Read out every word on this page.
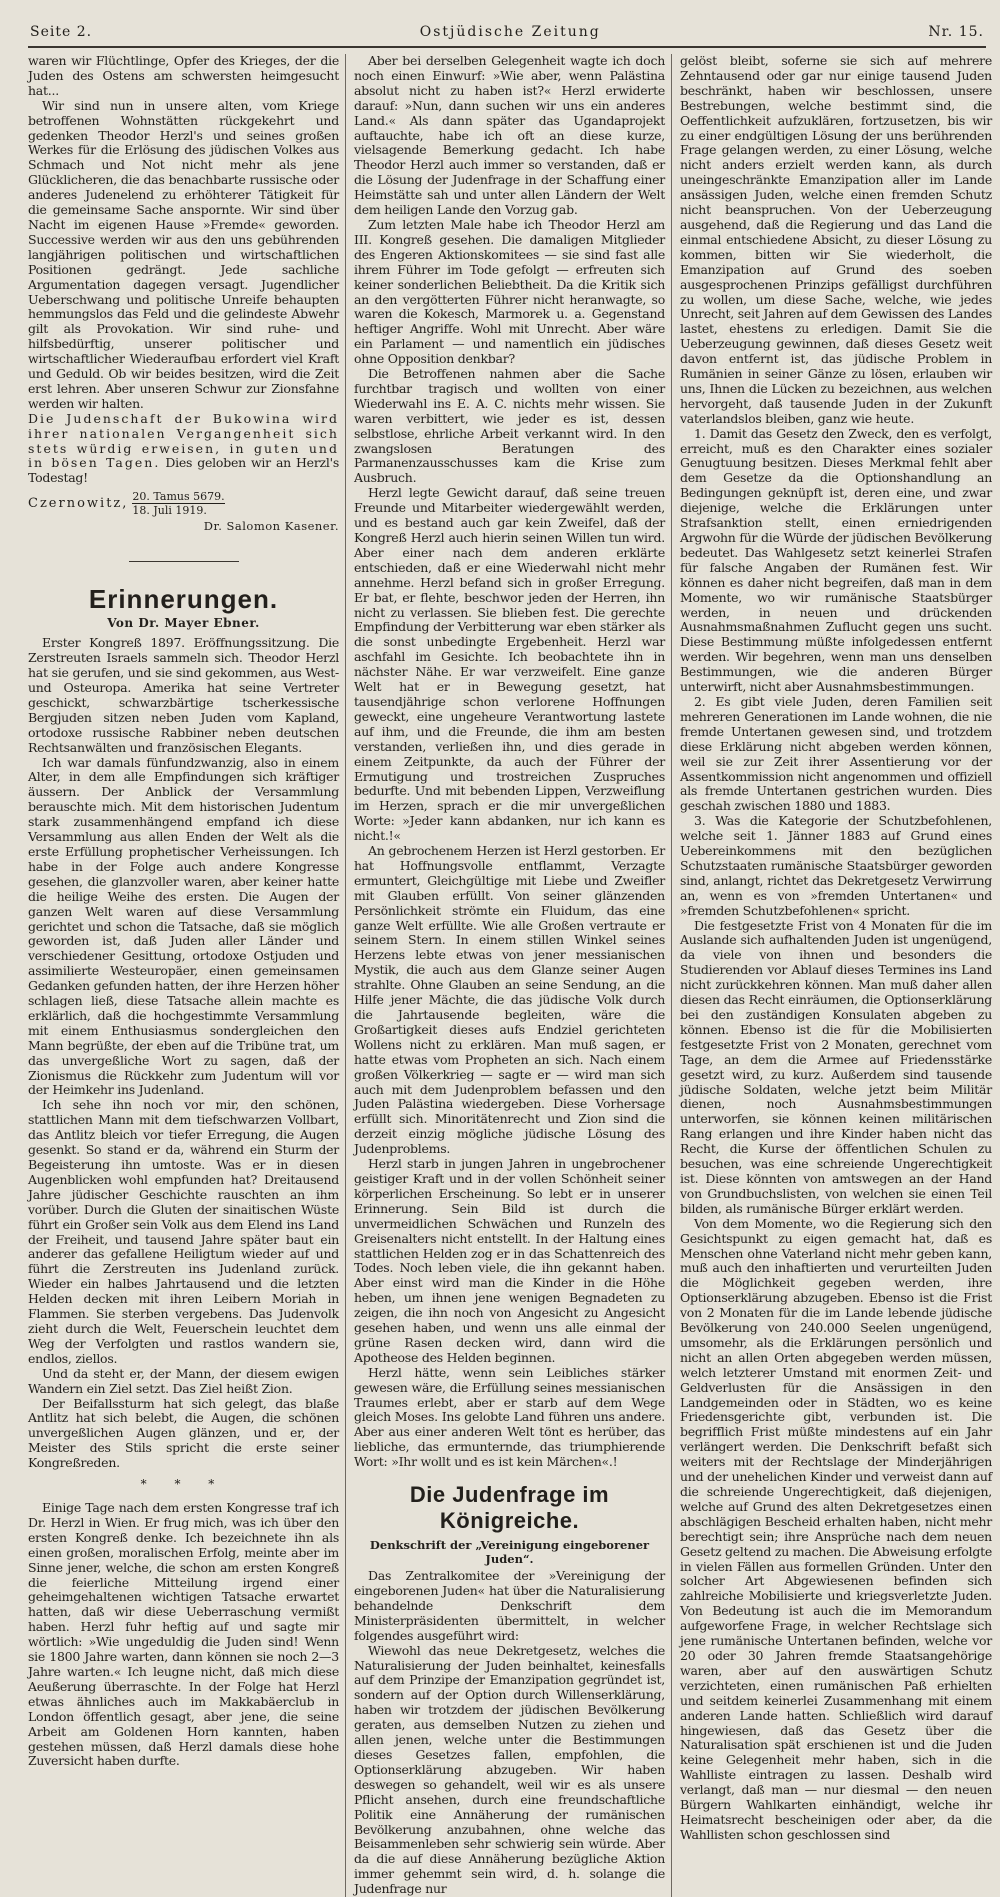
Seite 2.	Ostjüdische Zeitung	Nr. 15.

waren wir Flüchtlinge, Opfer des Krieges, der die Juden des Ostens am schwersten heimgesucht hat...

Wir sind nun in unsere alten, vom Kriege betroffenen Wohnstätten rückgekehrt und gedenken Theodor Herzl's und seines großen Werkes für die Erlösung des jüdischen Volkes aus Schmach und Not nicht mehr als jene Glücklicheren, die das benachbarte russische oder anderes Judenelend zu erhöhterer Tätigkeit für die gemeinsame Sache anspornte. Wir sind über Nacht im eigenen Hause »Fremde« geworden. Successive werden wir aus den uns gebührenden langjährigen politischen und wirtschaftlichen Positionen gedrängt. Jede sachliche Argumentation dagegen versagt. Jugendlicher Ueberschwang und politische Unreife behaupten hemmungslos das Feld und die gelindeste Abwehr gilt als Provokation. Wir sind ruhe- und hilfsbedürftig, unserer politischer und wirtschaftlicher Wiederaufbau erfordert viel Kraft und Geduld. Ob wir beides besitzen, wird die Zeit erst lehren. Aber unseren Schwur zur Zionsfahne werden wir halten.

Die Judenschaft der Bukowina wird ihrer nationalen Vergangenheit sich stets würdig erweisen, in guten und in bösen Tagen. Dies geloben wir an Herzl's Todestag!

Czernowitz, $\frac{\text{20. Tamus 5679.}}{\text{18. Juli 1919.}}$
Dr. Salomon Kasener.
Erinnerungen.
Von Dr. Mayer Ebner.

Erster Kongreß 1897. Eröffnungssitzung. Die Zerstreuten Israels sammeln sich. Theodor Herzl hat sie gerufen, und sie sind gekommen, aus West- und Osteuropa. Amerika hat seine Vertreter geschickt, schwarzbärtige tscherkessische Bergjuden sitzen neben Juden vom Kapland, ortodoxe russische Rabbiner neben deutschen Rechtsanwälten und französischen Elegants.

Ich war damals fünfundzwanzig, also in einem Alter, in dem alle Empfindungen sich kräftiger äussern. Der Anblick der Versammlung berauschte mich. Mit dem historischen Judentum stark zusammenhängend empfand ich diese Versammlung aus allen Enden der Welt als die erste Erfüllung prophetischer Verheissungen. Ich habe in der Folge auch andere Kongresse gesehen, die glanzvoller waren, aber keiner hatte die heilige Weihe des ersten. Die Augen der ganzen Welt waren auf diese Versammlung gerichtet und schon die Tatsache, daß sie möglich geworden ist, daß Juden aller Länder und verschiedener Gesittung, ortodoxe Ostjuden und assimilierte Westeuropäer, einen gemeinsamen Gedanken gefunden hatten, der ihre Herzen höher schlagen ließ, diese Tatsache allein machte es erklärlich, daß die hochgestimmte Versammlung mit einem Enthusiasmus sondergleichen den Mann begrüßte, der eben auf die Tribüne trat, um das unvergeßliche Wort zu sagen, daß der Zionismus die Rückkehr zum Judentum will vor der Heimkehr ins Judenland.

Ich sehe ihn noch vor mir, den schönen, stattlichen Mann mit dem tiefschwarzen Vollbart, das Antlitz bleich vor tiefer Erregung, die Augen gesenkt. So stand er da, während ein Sturm der Begeisterung ihn umtoste. Was er in diesen Augenblicken wohl empfunden hat? Dreitausend Jahre jüdischer Geschichte rauschten an ihm vorüber. Durch die Gluten der sinaitischen Wüste führt ein Großer sein Volk aus dem Elend ins Land der Freiheit, und tausend Jahre später baut ein anderer das gefallene Heiligtum wieder auf und führt die Zerstreuten ins Judenland zurück. Wieder ein halbes Jahrtausend und die letzten Helden decken mit ihren Leibern Moriah in Flammen. Sie sterben vergebens. Das Judenvolk zieht durch die Welt, Feuerschein leuchtet dem Weg der Verfolgten und rastlos wandern sie, endlos, ziellos.

Und da steht er, der Mann, der diesem ewigen Wandern ein Ziel setzt. Das Ziel heißt Zion.

Der Beifallssturm hat sich gelegt, das blaße Antlitz hat sich belebt, die Augen, die schönen unvergeßlichen Augen glänzen, und er, der Meister des Stils spricht die erste seiner Kongreßreden.

* * *

Einige Tage nach dem ersten Kongresse traf ich Dr. Herzl in Wien. Er frug mich, was ich über den ersten Kongreß denke. Ich bezeichnete ihn als einen großen, moralischen Erfolg, meinte aber im Sinne jener, welche, die schon am ersten Kongreß die feierliche Mitteilung irgend einer geheimgehaltenen wichtigen Tatsache erwartet hatten, daß wir diese Ueberraschung vermißt haben. Herzl fuhr heftig auf und sagte mir wörtlich: »Wie ungeduldig die Juden sind! Wenn sie 1800 Jahre warten, dann können sie noch 2—3 Jahre warten.« Ich leugne nicht, daß mich diese Aeußerung überraschte. In der Folge hat Herzl etwas ähnliches auch im Makkabäerclub in London öffentlich gesagt, aber jene, die seine Arbeit am Goldenen Horn kannten, haben gestehen müssen, daß Herzl damals diese hohe Zuversicht haben durfte.

Aber bei derselben Gelegenheit wagte ich doch noch einen Einwurf: »Wie aber, wenn Palästina absolut nicht zu haben ist?« Herzl erwiderte darauf: »Nun, dann suchen wir uns ein anderes Land.« Als dann später das Ugandaprojekt auftauchte, habe ich oft an diese kurze, vielsagende Bemerkung gedacht. Ich habe Theodor Herzl auch immer so verstanden, daß er die Lösung der Judenfrage in der Schaffung einer Heimstätte sah und unter allen Ländern der Welt dem heiligen Lande den Vorzug gab.

Zum letzten Male habe ich Theodor Herzl am III. Kongreß gesehen. Die damaligen Mitglieder des Engeren Aktionskomitees — sie sind fast alle ihrem Führer im Tode gefolgt — erfreuten sich keiner sonderlichen Beliebtheit. Da die Kritik sich an den vergötterten Führer nicht heranwagte, so waren die Kokesch, Marmorek u. a. Gegenstand heftiger Angriffe. Wohl mit Unrecht. Aber wäre ein Parlament — und namentlich ein jüdisches ohne Opposition denkbar?

Die Betroffenen nahmen aber die Sache furchtbar tragisch und wollten von einer Wiederwahl ins E. A. C. nichts mehr wissen. Sie waren verbittert, wie jeder es ist, dessen selbstlose, ehrliche Arbeit verkannt wird. In den zwangslosen Beratungen des Parmanenzausschusses kam die Krise zum Ausbruch.

Herzl legte Gewicht darauf, daß seine treuen Freunde und Mitarbeiter wiedergewählt werden, und es bestand auch gar kein Zweifel, daß der Kongreß Herzl auch hierin seinen Willen tun wird. Aber einer nach dem anderen erklärte entschieden, daß er eine Wiederwahl nicht mehr annehme. Herzl befand sich in großer Erregung. Er bat, er flehte, beschwor jeden der Herren, ihn nicht zu verlassen. Sie blieben fest. Die gerechte Empfindung der Verbitterung war eben stärker als die sonst unbedingte Ergebenheit. Herzl war aschfahl im Gesichte. Ich beobachtete ihn in nächster Nähe. Er war verzweifelt. Eine ganze Welt hat er in Bewegung gesetzt, hat tausendjährige schon verlorene Hoffnungen geweckt, eine ungeheure Verantwortung lastete auf ihm, und die Freunde, die ihm am besten verstanden, verließen ihn, und dies gerade in einem Zeitpunkte, da auch der Führer der Ermutigung und trostreichen Zuspruches bedurfte. Und mit bebenden Lippen, Verzweiflung im Herzen, sprach er die mir unvergeßlichen Worte: »Jeder kann abdanken, nur ich kann es nicht.!«

An gebrochenem Herzen ist Herzl gestorben. Er hat Hoffnungsvolle entflammt, Verzagte ermuntert, Gleichgültige mit Liebe und Zweifler mit Glauben erfüllt. Von seiner glänzenden Persönlichkeit strömte ein Fluidum, das eine ganze Welt erfüllte. Wie alle Großen vertraute er seinem Stern. In einem stillen Winkel seines Herzens lebte etwas von jener messianischen Mystik, die auch aus dem Glanze seiner Augen strahlte. Ohne Glauben an seine Sendung, an die Hilfe jener Mächte, die das jüdische Volk durch die Jahrtausende begleiten, wäre die Großartigkeit dieses aufs Endziel gerichteten Wollens nicht zu erklären. Man muß sagen, er hatte etwas vom Propheten an sich. Nach einem großen Völkerkrieg — sagte er — wird man sich auch mit dem Judenproblem befassen und den Juden Palästina wiedergeben. Diese Vorhersage erfüllt sich. Minoritätenrecht und Zion sind die derzeit einzig mögliche jüdische Lösung des Judenproblems.

Herzl starb in jungen Jahren in ungebrochener geistiger Kraft und in der vollen Schönheit seiner körperlichen Erscheinung. So lebt er in unserer Erinnerung. Sein Bild ist durch die unvermeidlichen Schwächen und Runzeln des Greisenalters nicht entstellt. In der Haltung eines stattlichen Helden zog er in das Schattenreich des Todes. Noch leben viele, die ihn gekannt haben. Aber einst wird man die Kinder in die Höhe heben, um ihnen jene wenigen Begnadeten zu zeigen, die ihn noch von Angesicht zu Angesicht gesehen haben, und wenn uns alle einmal der grüne Rasen decken wird, dann wird die Apotheose des Helden beginnen.

Herzl hätte, wenn sein Leibliches stärker gewesen wäre, die Erfüllung seines messianischen Traumes erlebt, aber er starb auf dem Wege gleich Moses. Ins gelobte Land führen uns andere. Aber aus einer anderen Welt tönt es herüber, das liebliche, das ermunternde, das triumphierende Wort: »Ihr wollt und es ist kein Märchen«.!

Die Judenfrage im Königreiche.
Denkschrift der „Vereinigung eingeborener Juden“.

Das Zentralkomitee der »Vereinigung der eingeborenen Juden« hat über die Naturalisierung behandelnde Denkschrift dem Ministerpräsidenten übermittelt, in welcher folgendes ausgeführt wird:

Wiewohl das neue Dekretgesetz, welches die Naturalisierung der Juden beinhaltet, keinesfalls auf dem Prinzipe der Emanzipation gegründet ist, sondern auf der Option durch Willenserklärung, haben wir trotzdem der jüdischen Bevölkerung geraten, aus demselben Nutzen zu ziehen und allen jenen, welche unter die Bestimmungen dieses Gesetzes fallen, empfohlen, die Optionserklärung abzugeben. Wir haben deswegen so gehandelt, weil wir es als unsere Pflicht ansehen, durch eine freundschaftliche Politik eine Annäherung der rumänischen Bevölkerung anzubahnen, ohne welche das Beisammenleben sehr schwierig sein würde. Aber da die auf diese Annäherung bezügliche Aktion immer gehemmt sein wird, d. h. solange die Judenfrage nur

gelöst bleibt, soferne sie sich auf mehrere Zehntausend oder gar nur einige tausend Juden beschränkt, haben wir beschlossen, unsere Bestrebungen, welche bestimmt sind, die Oeffentlichkeit aufzuklären, fortzusetzen, bis wir zu einer endgültigen Lösung der uns berührenden Frage gelangen werden, zu einer Lösung, welche nicht anders erzielt werden kann, als durch uneingeschränkte Emanzipation aller im Lande ansässigen Juden, welche einen fremden Schutz nicht beanspruchen. Von der Ueberzeugung ausgehend, daß die Regierung und das Land die einmal entschiedene Absicht, zu dieser Lösung zu kommen, bitten wir Sie wiederholt, die Emanzipation auf Grund des soeben ausgesprochenen Prinzips gefälligst durchführen zu wollen, um diese Sache, welche, wie jedes Unrecht, seit Jahren auf dem Gewissen des Landes lastet, ehestens zu erledigen. Damit Sie die Ueberzeugung gewinnen, daß dieses Gesetz weit davon entfernt ist, das jüdische Problem in Rumänien in seiner Gänze zu lösen, erlauben wir uns, Ihnen die Lücken zu bezeichnen, aus welchen hervorgeht, daß tausende Juden in der Zukunft vaterlandslos bleiben, ganz wie heute.

1. Damit das Gesetz den Zweck, den es verfolgt, erreicht, muß es den Charakter eines sozialer Genugtuung besitzen. Dieses Merkmal fehlt aber dem Gesetze da die Optionshandlung an Bedingungen geknüpft ist, deren eine, und zwar diejenige, welche die Erklärungen unter Strafsanktion stellt, einen erniedrigenden Argwohn für die Würde der jüdischen Bevölkerung bedeutet. Das Wahlgesetz setzt keinerlei Strafen für falsche Angaben der Rumänen fest. Wir können es daher nicht begreifen, daß man in dem Momente, wo wir rumänische Staatsbürger werden, in neuen und drückenden Ausnahmsmaßnahmen Zuflucht gegen uns sucht. Diese Bestimmung müßte infolgedessen entfernt werden. Wir begehren, wenn man uns denselben Bestimmungen, wie die anderen Bürger unterwirft, nicht aber Ausnahmsbestimmungen.

2. Es gibt viele Juden, deren Familien seit mehreren Generationen im Lande wohnen, die nie fremde Untertanen gewesen sind, und trotzdem diese Erklärung nicht abgeben werden können, weil sie zur Zeit ihrer Assentierung vor der Assentkommission nicht angenommen und offiziell als fremde Untertanen gestrichen wurden. Dies geschah zwischen 1880 und 1883.

3. Was die Kategorie der Schutzbefohlenen, welche seit 1. Jänner 1883 auf Grund eines Uebereinkommens mit den bezüglichen Schutzstaaten rumänische Staatsbürger geworden sind, anlangt, richtet das Dekretgesetz Verwirrung an, wenn es von »fremden Untertanen« und »fremden Schutzbefohlenen« spricht.

Die festgesetzte Frist von 4 Monaten für die im Auslande sich aufhaltenden Juden ist ungenügend, da viele von ihnen und besonders die Studierenden vor Ablauf dieses Termines ins Land nicht zurückkehren können. Man muß daher allen diesen das Recht einräumen, die Optionserklärung bei den zuständigen Konsulaten abgeben zu können. Ebenso ist die für die Mobilisierten festgesetzte Frist von 2 Monaten, gerechnet vom Tage, an dem die Armee auf Friedensstärke gesetzt wird, zu kurz. Außerdem sind tausende jüdische Soldaten, welche jetzt beim Militär dienen, noch Ausnahmsbestimmungen unterworfen, sie können keinen militärischen Rang erlangen und ihre Kinder haben nicht das Recht, die Kurse der öffentlichen Schulen zu besuchen, was eine schreiende Ungerechtigkeit ist. Diese könnten von amtswegen an der Hand von Grundbuchslisten, von welchen sie einen Teil bilden, als rumänische Bürger erklärt werden.

Von dem Momente, wo die Regierung sich den Gesichtspunkt zu eigen gemacht hat, daß es Menschen ohne Vaterland nicht mehr geben kann, muß auch den inhaftierten und verurteilten Juden die Möglichkeit gegeben werden, ihre Optionserklärung abzugeben. Ebenso ist die Frist von 2 Monaten für die im Lande lebende jüdische Bevölkerung von 240.000 Seelen ungenügend, umsomehr, als die Erklärungen persönlich und nicht an allen Orten abgegeben werden müssen, welch letzterer Umstand mit enormen Zeit- und Geldverlusten für die Ansässigen in den Landgemeinden oder in Städten, wo es keine Friedensgerichte gibt, verbunden ist. Die begrifflich Frist müßte mindestens auf ein Jahr verlängert werden. Die Denkschrift befaßt sich weiters mit der Rechtslage der Minderjährigen und der unehelichen Kinder und verweist dann auf die schreiende Ungerechtigkeit, daß diejenigen, welche auf Grund des alten Dekretgesetzes einen abschlägigen Bescheid erhalten haben, nicht mehr berechtigt sein; ihre Ansprüche nach dem neuen Gesetz geltend zu machen. Die Abweisung erfolgte in vielen Fällen aus formellen Gründen. Unter den solcher Art Abgewiesenen befinden sich zahlreiche Mobilisierte und kriegsverletzte Juden. Von Bedeutung ist auch die im Memorandum aufgeworfene Frage, in welcher Rechtslage sich jene rumänische Untertanen befinden, welche vor 20 oder 30 Jahren fremde Staatsangehörige waren, aber auf den auswärtigen Schutz verzichteten, einen rumänischen Paß erhielten und seitdem keinerlei Zusammenhang mit einem anderen Lande hatten. Schließlich wird darauf hingewiesen, daß das Gesetz über die Naturalisation spät erschienen ist und die Juden keine Gelegenheit mehr haben, sich in die Wahlliste eintragen zu lassen. Deshalb wird verlangt, daß man — nur diesmal — den neuen Bürgern Wahlkarten einhändigt, welche ihr Heimatsrecht bescheinigen oder aber, da die Wahllisten schon geschlossen sind
